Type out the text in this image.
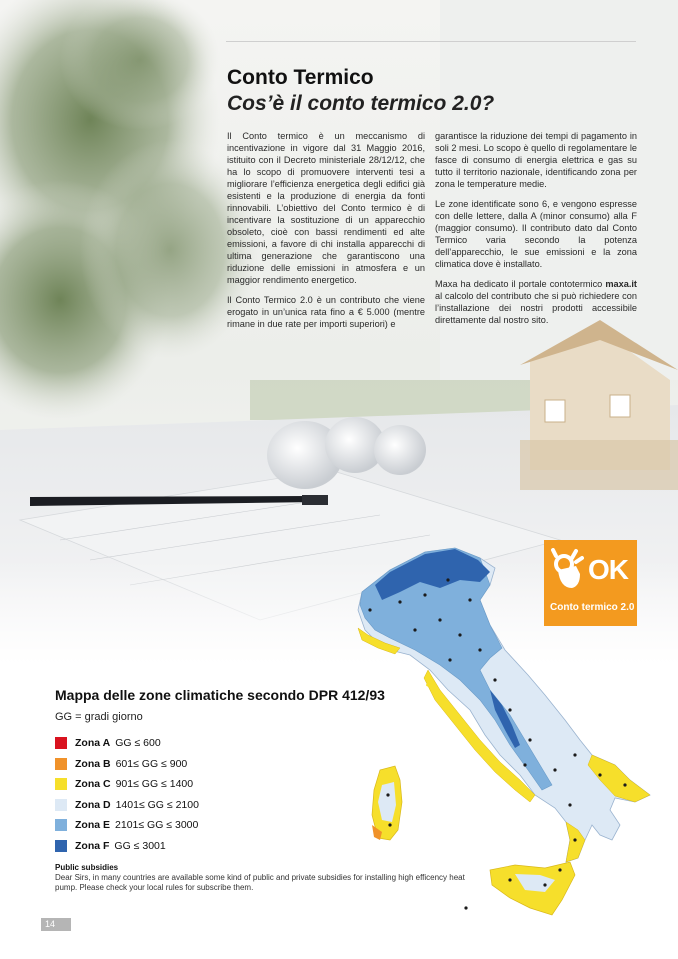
Conto Termico
Cos’è il conto termico 2.0?

Il Conto termico è un meccanismo di incentivazione in vigore dal 31 Maggio 2016, istituito con il Decreto ministeriale 28/12/12, che ha lo scopo di promuovere interventi tesi a migliorare l’efficienza energetica degli edifici già esistenti e la produzione di energia da fonti rinnovabili. L’obiettivo del Conto termico è di incentivare la sostituzione di un apparecchio obsoleto, cioè con bassi rendimenti ed alte emissioni, a favore di chi installa apparecchi di ultima generazione che garantiscono una riduzione delle emissioni in atmosfera e un maggior rendimento energetico.

Il Conto Termico 2.0 è un contributo che viene erogato in un’unica rata fino a € 5.000 (mentre rimane in due rate per importi superiori) e

garantisce la riduzione dei tempi di pagamento in soli 2 mesi. Lo scopo è quello di regolamentare le fasce di consumo di energia elettrica e gas su tutto il territorio nazionale, identificando zona per zona le temperature medie.

Le zone identificate sono 6, e vengono espresse con delle lettere, dalla A (minor consumo) alla F (maggior consumo). Il contributo dato dal Conto Termico varia secondo la potenza dell’apparecchio, le sue emissioni e la zona climatica dove è installato.

Maxa ha dedicato il portale contotermico maxa.it al calcolo del contributo che si può richiedere con l’installazione dei nostri prodotti accessibile direttamente dal nostro sito.

OK
Conto termico 2.0
Mappa delle zone climatiche secondo DPR 412/93
GG = gradi giorno
Zona A GG ≤ 600
Zona B 601≤ GG ≤ 900
Zona C 901≤ GG ≤ 1400
Zona D 1401≤ GG ≤ 2100
Zona E 2101≤ GG ≤ 3000
Zona F GG ≤ 3001
Public subsidies
Dear Sirs, in many countries are available some kind of public and private subsidies for installing high efficency heat pump. Please check your local rules for subscribe them.
14
